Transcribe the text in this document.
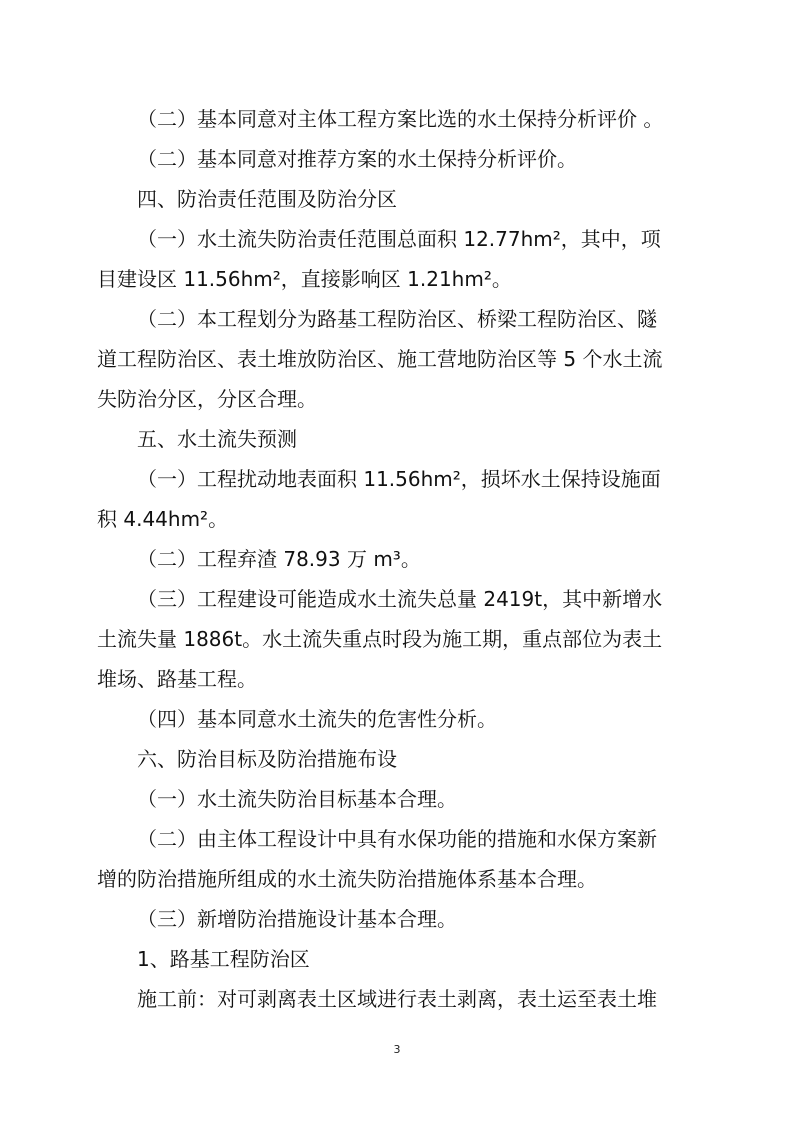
（二）基本同意对主体工程方案比选的水土保持分析评价 。
（二）基本同意对推荐方案的水土保持分析评价。
四、防治责任范围及防治分区
（一）水土流失防治责任范围总面积 12.77hm²，其中，项
目建设区 11.56hm²，直接影响区 1.21hm²。
（二）本工程划分为路基工程防治区、桥梁工程防治区、隧
道工程防治区、表土堆放防治区、施工营地防治区等 5 个水土流
失防治分区，分区合理。
五、水土流失预测
（一）工程扰动地表面积 11.56hm²，损坏水土保持设施面
积 4.44hm²。
（二）工程弃渣 78.93 万 m³。
（三）工程建设可能造成水土流失总量 2419t，其中新增水
土流失量 1886t。水土流失重点时段为施工期，重点部位为表土
堆场、路基工程。
（四）基本同意水土流失的危害性分析。
六、防治目标及防治措施布设
（一）水土流失防治目标基本合理。
（二）由主体工程设计中具有水保功能的措施和水保方案新
增的防治措施所组成的水土流失防治措施体系基本合理。
（三）新增防治措施设计基本合理。
1、路基工程防治区
施工前：对可剥离表土区域进行表土剥离，表土运至表土堆
3
